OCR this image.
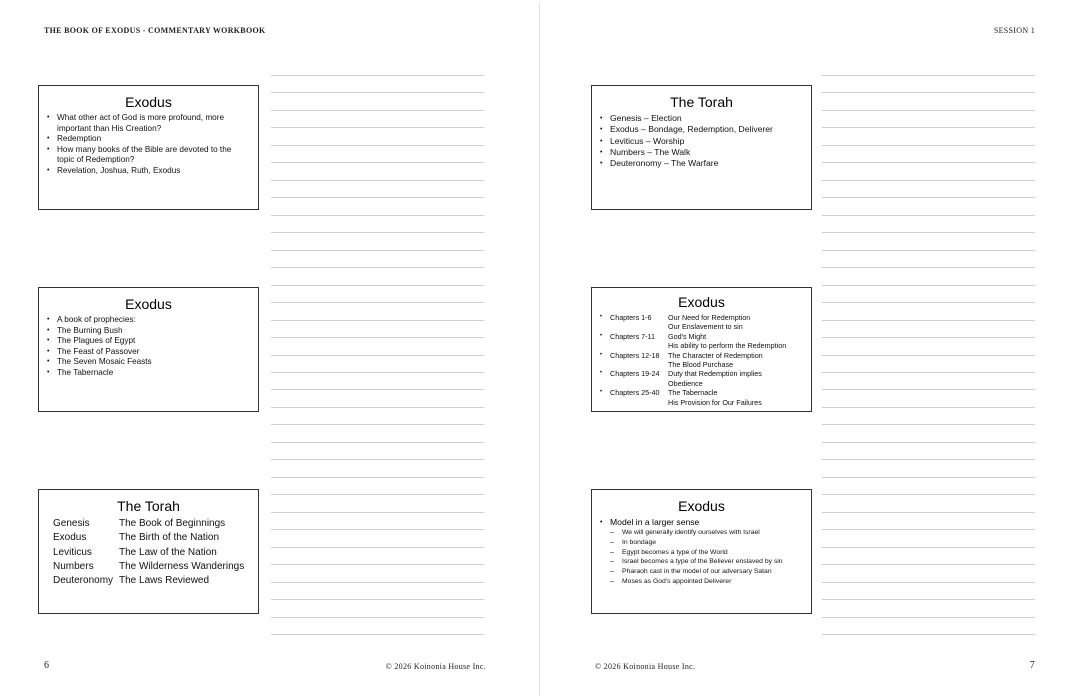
THE BOOK OF EXODUS - COMMENTARY WORKBOOK
Exodus
• What other act of God is more profound, more important than His Creation?
• Redemption
• How many books of the Bible are devoted to the topic of Redemption?
• Revelation, Joshua, Ruth, Exodus
Exodus
• A book of prophecies:
• The Burning Bush
• The Plagues of Egypt
• The Feast of Passover
• The Seven Mosaic Feasts
• The Tabernacle
The Torah
Genesis	The Book of Beginnings
Exodus	The Birth of the Nation
Leviticus	The Law of the Nation
Numbers	The Wilderness Wanderings
Deuteronomy	The Laws Reviewed
6	© 2026 Koinonia House Inc.
SESSION 1
The Torah
• Genesis – Election
• Exodus – Bondage, Redemption, Deliverer
• Leviticus – Worship
• Numbers – The Walk
• Deuteronomy – The Warfare
Exodus
• Chapters 1-6	Our Need for Redemption
Our Enslavement to sin
• Chapters 7-11	God's Might
His ability to perform the Redemption
• Chapters 12-18	The Character of Redemption
The Blood Purchase
• Chapters 19-24	Duty that Redemption implies
Obedience
• Chapters 25-40	The Tabernacle
His Provision for Our Failures
Exodus
• Model in a larger sense
– We will generally identify ourselves with Israel
– In bondage
– Egypt becomes a type of the World
– Israel becomes a type of the Believer enslaved by sin
– Pharaoh cast in the model of our adversary Satan
– Moses as God's appointed Deliverer
© 2026 Koinonia House Inc.	7
